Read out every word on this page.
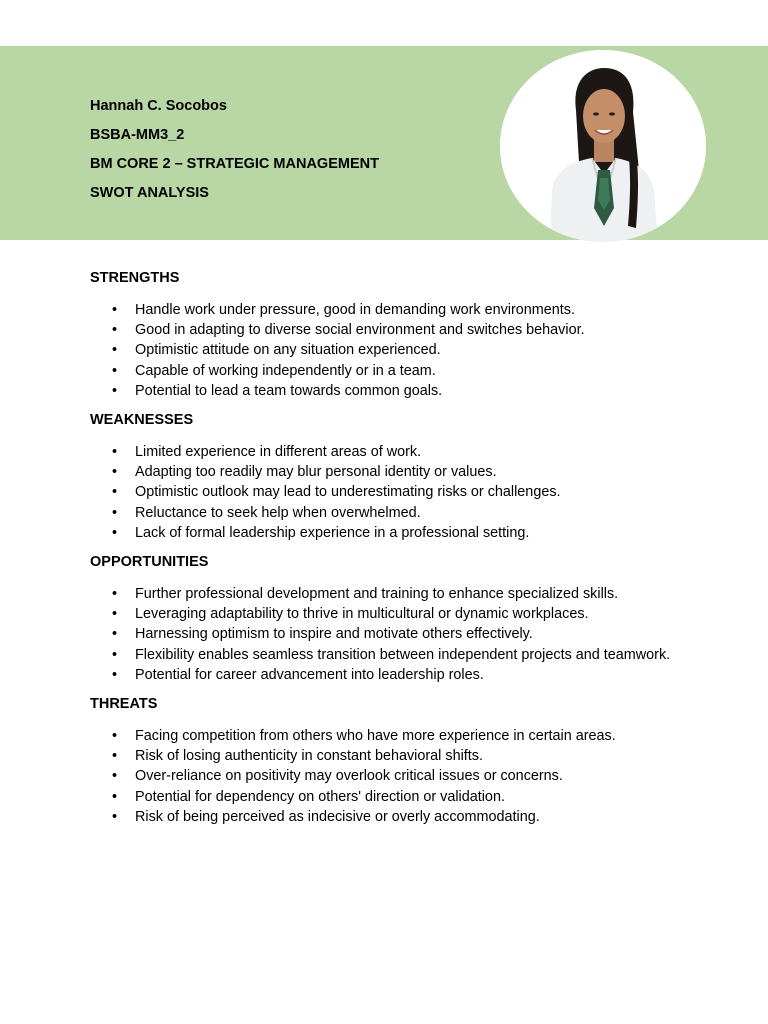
Hannah C. Socobos
BSBA-MM3_2
BM CORE 2 – STRATEGIC MANAGEMENT
SWOT ANALYSIS
STRENGTHS
• Handle work under pressure, good in demanding work environments.
• Good in adapting to diverse social environment and switches behavior.
• Optimistic attitude on any situation experienced.
• Capable of working independently or in a team.
• Potential to lead a team towards common goals.
WEAKNESSES
• Limited experience in different areas of work.
• Adapting too readily may blur personal identity or values.
• Optimistic outlook may lead to underestimating risks or challenges.
• Reluctance to seek help when overwhelmed.
• Lack of formal leadership experience in a professional setting.
OPPORTUNITIES
• Further professional development and training to enhance specialized skills.
• Leveraging adaptability to thrive in multicultural or dynamic workplaces.
• Harnessing optimism to inspire and motivate others effectively.
• Flexibility enables seamless transition between independent projects and teamwork.
• Potential for career advancement into leadership roles.
THREATS
• Facing competition from others who have more experience in certain areas.
• Risk of losing authenticity in constant behavioral shifts.
• Over-reliance on positivity may overlook critical issues or concerns.
• Potential for dependency on others' direction or validation.
• Risk of being perceived as indecisive or overly accommodating.
